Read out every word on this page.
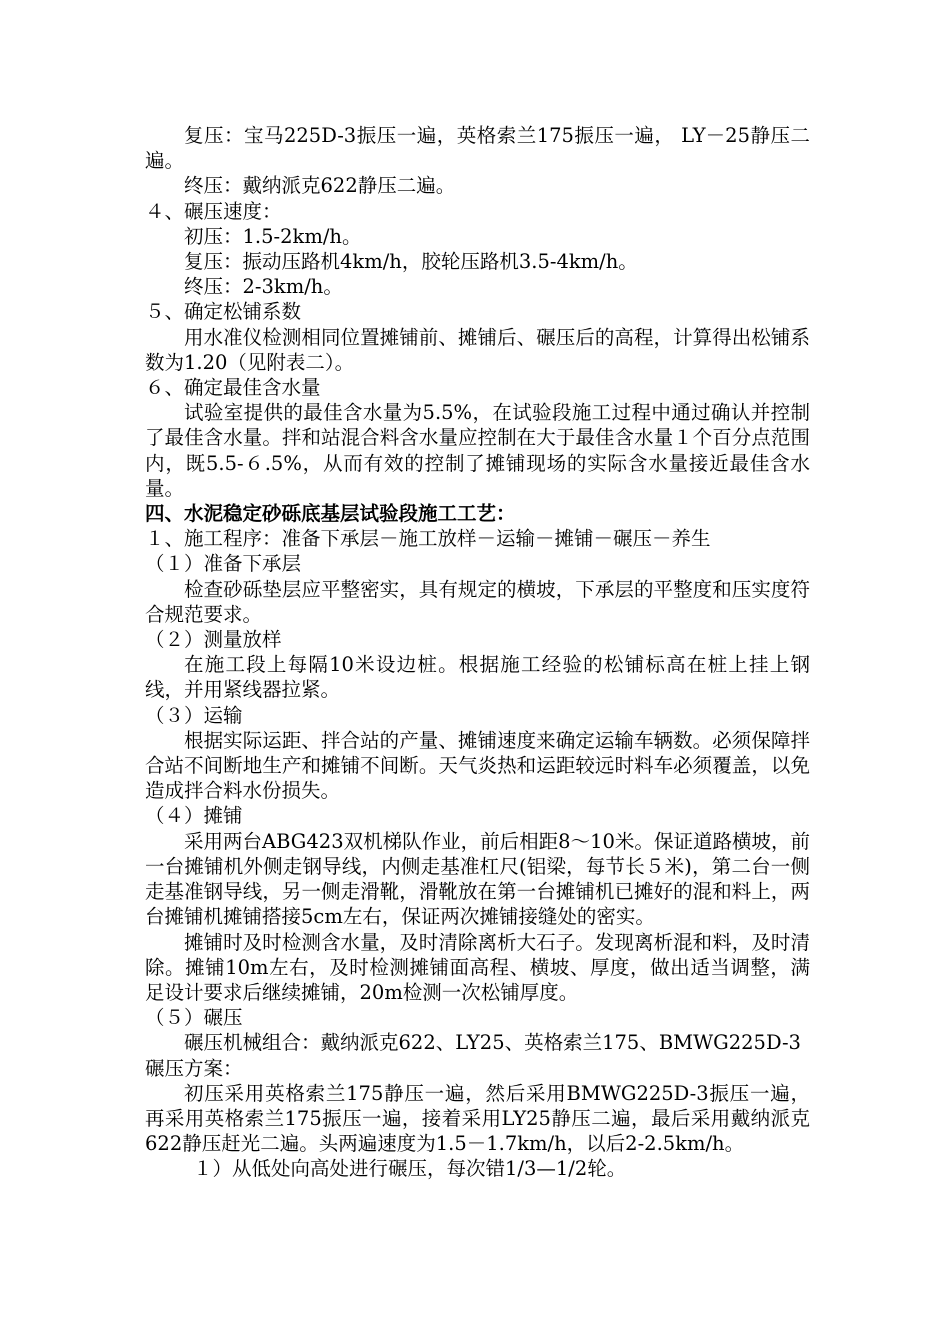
复压：宝马225D-3振压一遍，英格索兰175振压一遍， LY－25静压二遍。

终压：戴纳派克622静压二遍。

４、碾压速度：

初压：1.5-2km/h。

复压：振动压路机4km/h，胶轮压路机3.5-4km/h。

终压：2-3km/h。

５、确定松铺系数

用水准仪检测相同位置摊铺前、摊铺后、碾压后的高程，计算得出松铺系数为1.20（见附表二）。

６、确定最佳含水量

试验室提供的最佳含水量为5.5%，在试验段施工过程中通过确认并控制了最佳含水量。拌和站混合料含水量应控制在大于最佳含水量１个百分点范围内，既5.5-６.5%，从而有效的控制了摊铺现场的实际含水量接近最佳含水量。

四、水泥稳定砂砾底基层试验段施工工艺：

１、施工程序：准备下承层－施工放样－运输－摊铺－碾压－养生

（１）准备下承层

检查砂砾垫层应平整密实，具有规定的横坡，下承层的平整度和压实度符合规范要求。

（２）测量放样

在施工段上每隔10米设边桩。根据施工经验的松铺标高在桩上挂上钢线，并用紧线器拉紧。

（３）运输

根据实际运距、拌合站的产量、摊铺速度来确定运输车辆数。必须保障拌合站不间断地生产和摊铺不间断。天气炎热和运距较远时料车必须覆盖，以免造成拌合料水份损失。

（４）摊铺

采用两台ABG423双机梯队作业，前后相距8～10米。保证道路横坡，前一台摊铺机外侧走钢导线，内侧走基准杠尺(铝梁，每节长５米)，第二台一侧走基准钢导线，另一侧走滑靴，滑靴放在第一台摊铺机已摊好的混和料上，两台摊铺机摊铺搭接5cm左右，保证两次摊铺接缝处的密实。

摊铺时及时检测含水量，及时清除离析大石子。发现离析混和料，及时清除。摊铺10m左右，及时检测摊铺面高程、横坡、厚度，做出适当调整，满足设计要求后继续摊铺，20m检测一次松铺厚度。

（５）碾压

碾压机械组合：戴纳派克622、LY25、英格索兰175、BMWG225D-3

碾压方案：

初压采用英格索兰175静压一遍，然后采用BMWG225D-3振压一遍，再采用英格索兰175振压一遍，接着采用LY25静压二遍，最后采用戴纳派克622静压赶光二遍。头两遍速度为1.5－1.7km/h，以后2-2.5km/h。

１）从低处向高处进行碾压，每次错1/3—1/2轮。
